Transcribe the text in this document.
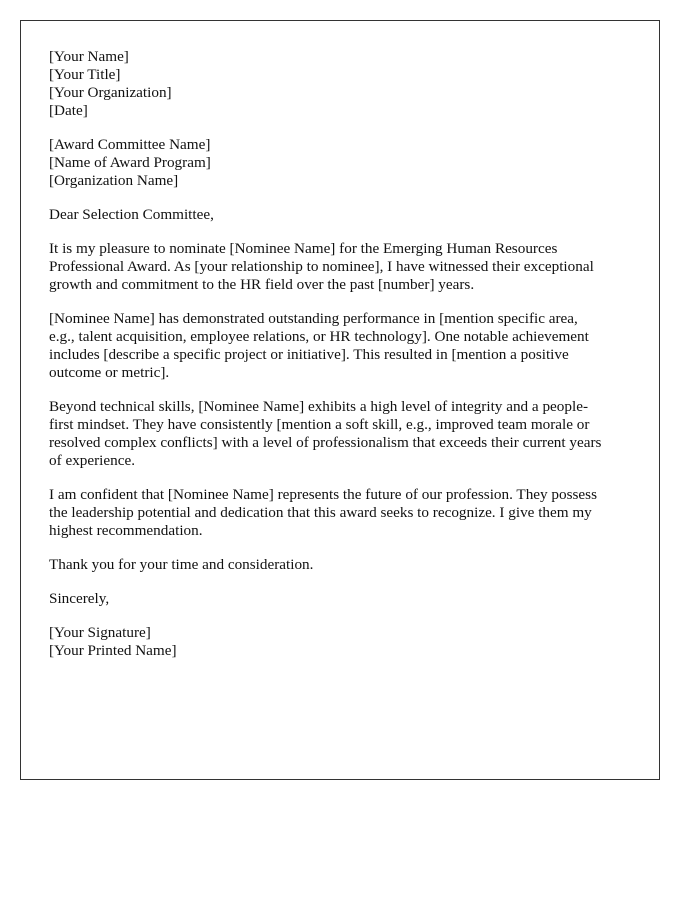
[Your Name]
[Your Title]
[Your Organization]
[Date]
[Award Committee Name]
[Name of Award Program]
[Organization Name]
Dear Selection Committee,
It is my pleasure to nominate [Nominee Name] for the Emerging Human Resources
Professional Award. As [your relationship to nominee], I have witnessed their exceptional
growth and commitment to the HR field over the past [number] years.
[Nominee Name] has demonstrated outstanding performance in [mention specific area,
e.g., talent acquisition, employee relations, or HR technology]. One notable achievement
includes [describe a specific project or initiative]. This resulted in [mention a positive
outcome or metric].
Beyond technical skills, [Nominee Name] exhibits a high level of integrity and a people-
first mindset. They have consistently [mention a soft skill, e.g., improved team morale or
resolved complex conflicts] with a level of professionalism that exceeds their current years
of experience.
I am confident that [Nominee Name] represents the future of our profession. They possess
the leadership potential and dedication that this award seeks to recognize. I give them my
highest recommendation.
Thank you for your time and consideration.
Sincerely,
[Your Signature]
[Your Printed Name]
